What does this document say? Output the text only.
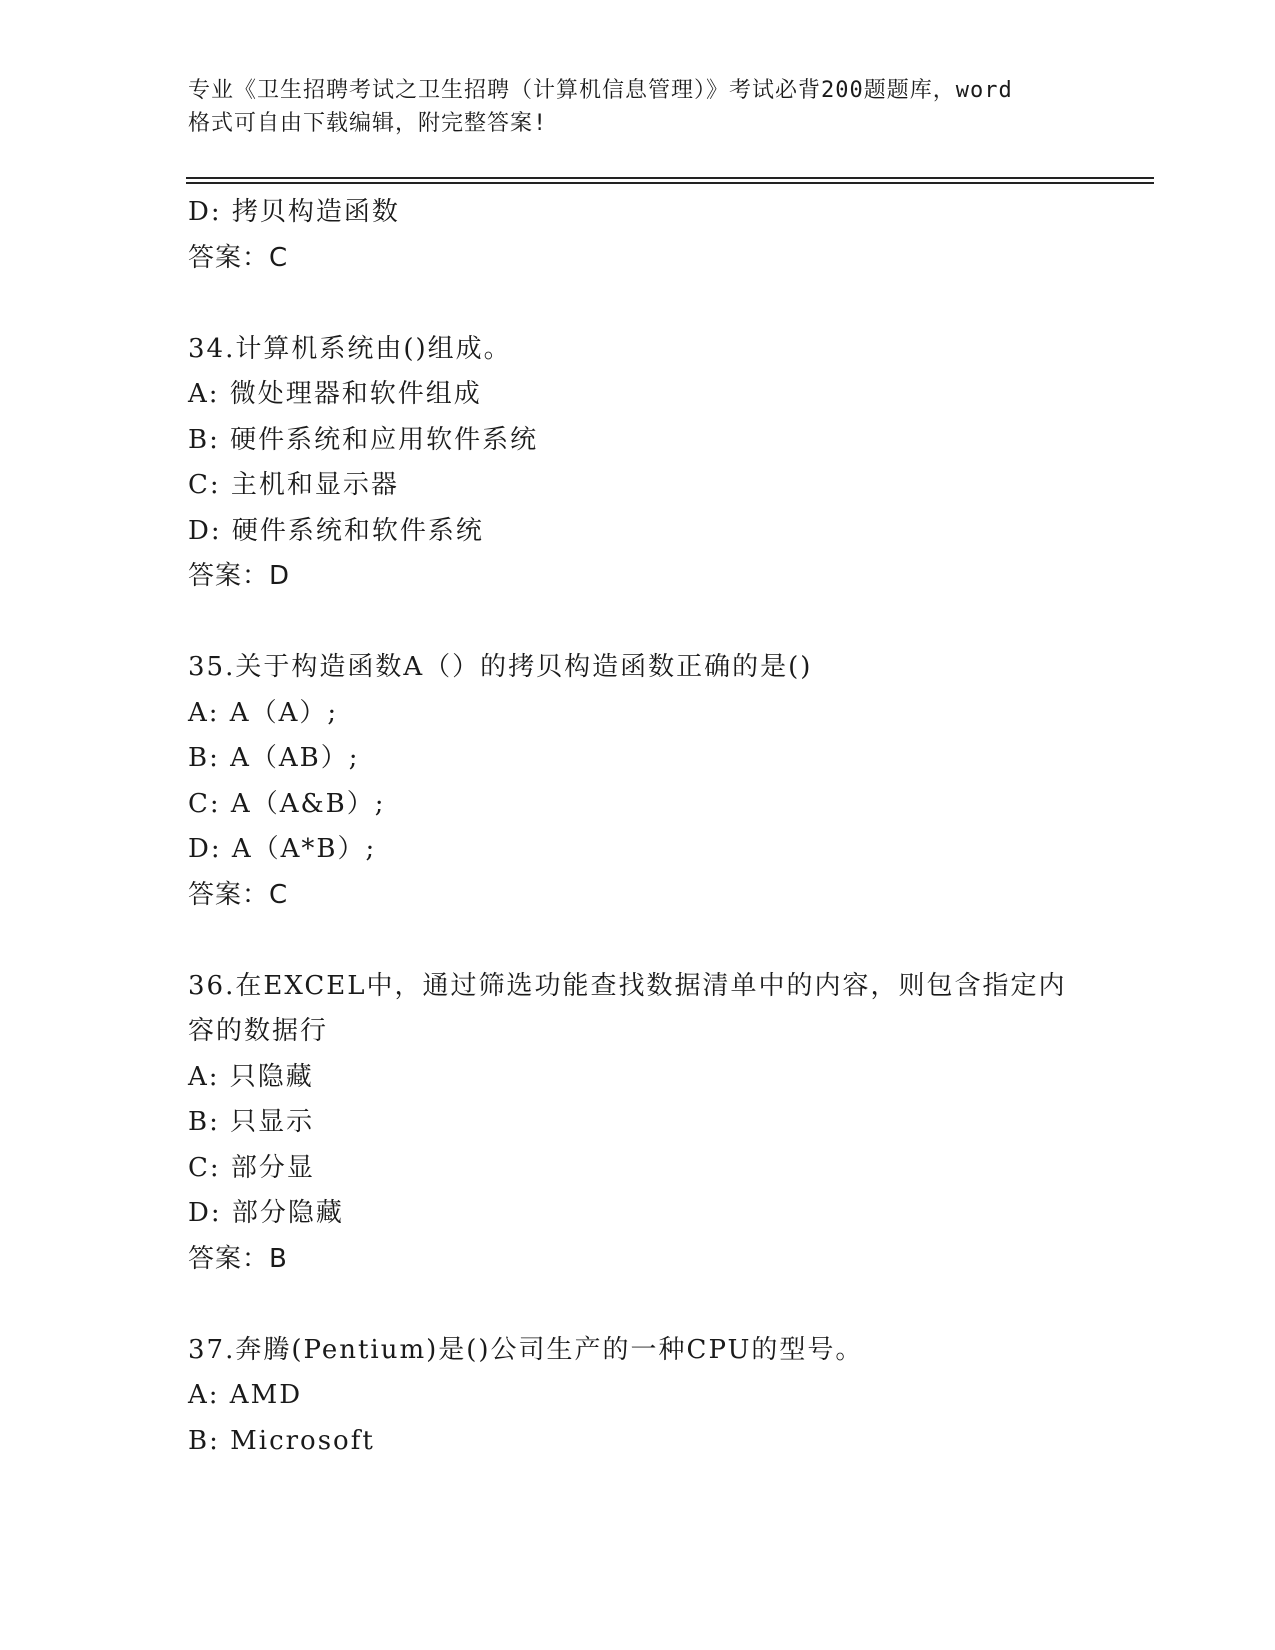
专业《卫生招聘考试之卫生招聘（计算机信息管理）》考试必背200题题库，word
格式可自由下载编辑，附完整答案!
D: 拷贝构造函数
答案：C
34.计算机系统由()组成。
A: 微处理器和软件组成
B: 硬件系统和应用软件系统
C: 主机和显示器
D: 硬件系统和软件系统
答案：D
35.关于构造函数A（）的拷贝构造函数正确的是()
A: A（A）;
B: A（AB）;
C: A（A&B）;
D: A（A*B）;
答案：C
36.在EXCEL中，通过筛选功能查找数据清单中的内容，则包含指定内
容的数据行
A: 只隐藏
B: 只显示
C: 部分显
D: 部分隐藏
答案：B
37.奔腾(Pentium)是()公司生产的一种CPU的型号。
A: AMD
B: Microsoft
